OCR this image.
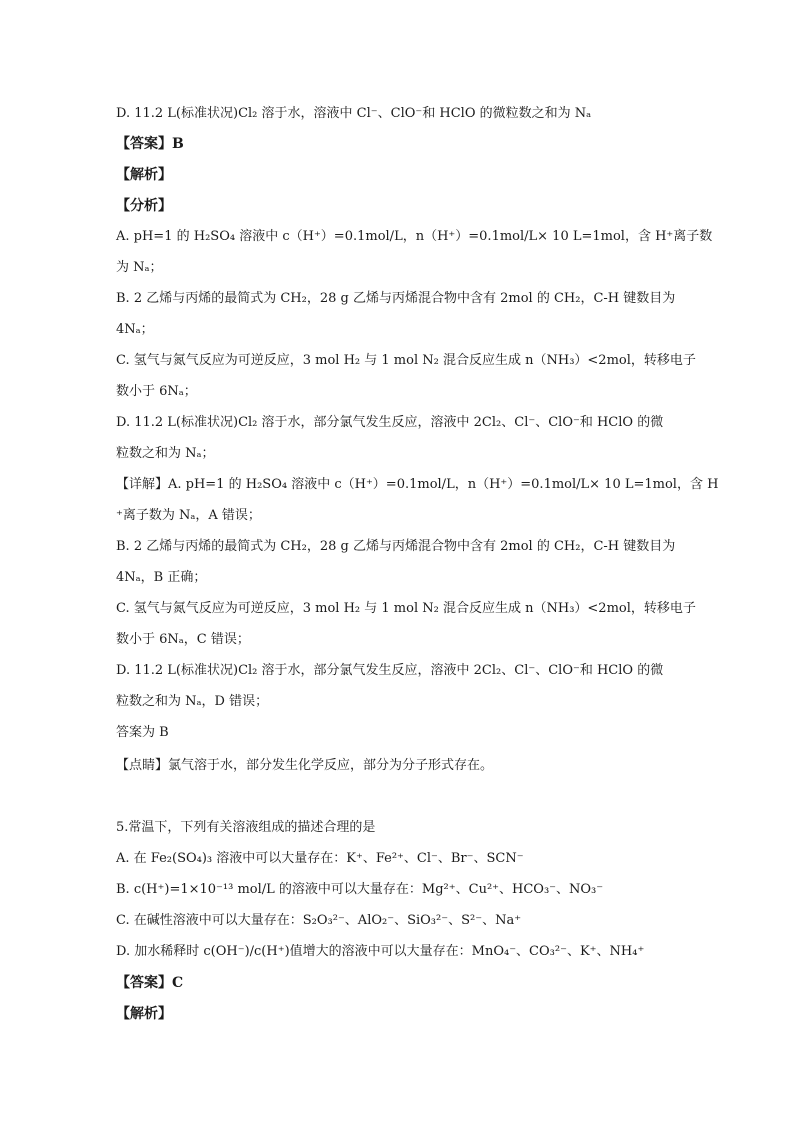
D. 11.2 L(标准状况)Cl₂ 溶于水，溶液中 Cl⁻、ClO⁻和 HClO 的微粒数之和为 Nₐ
【答案】B
【解析】
【分析】
A. pH=1 的 H₂SO₄ 溶液中 c（H⁺）=0.1mol/L，n（H⁺）=0.1mol/L× 10 L=1mol，含 H⁺离子数
为 Nₐ；
B. 2 乙烯与丙烯的最简式为 CH₂，28 g 乙烯与丙烯混合物中含有 2mol 的 CH₂，C-H 键数目为
4Nₐ；
C. 氢气与氮气反应为可逆反应，3 mol H₂ 与 1 mol N₂ 混合反应生成 n（NH₃）<2mol，转移电子
数小于 6Nₐ；
D. 11.2 L(标准状况)Cl₂ 溶于水，部分氯气发生反应，溶液中 2Cl₂、Cl⁻、ClO⁻和 HClO 的微
粒数之和为 Nₐ；
【详解】A. pH=1 的 H₂SO₄ 溶液中 c（H⁺）=0.1mol/L，n（H⁺）=0.1mol/L× 10 L=1mol，含 H
⁺离子数为 Nₐ，A 错误；
B. 2 乙烯与丙烯的最简式为 CH₂，28 g 乙烯与丙烯混合物中含有 2mol 的 CH₂，C-H 键数目为
4Nₐ，B 正确；
C. 氢气与氮气反应为可逆反应，3 mol H₂ 与 1 mol N₂ 混合反应生成 n（NH₃）<2mol，转移电子
数小于 6Nₐ，C 错误；
D. 11.2 L(标准状况)Cl₂ 溶于水，部分氯气发生反应，溶液中 2Cl₂、Cl⁻、ClO⁻和 HClO 的微
粒数之和为 Nₐ，D 错误；
答案为 B
【点睛】氯气溶于水，部分发生化学反应，部分为分子形式存在。
5.常温下，下列有关溶液组成的描述合理的是
A. 在 Fe₂(SO₄)₃ 溶液中可以大量存在：K⁺、Fe²⁺、Cl⁻、Br⁻、SCN⁻
B. c(H⁺)=1×10⁻¹³ mol/L 的溶液中可以大量存在：Mg²⁺、Cu²⁺、HCO₃⁻、NO₃⁻
C. 在碱性溶液中可以大量存在：S₂O₃²⁻、AlO₂⁻、SiO₃²⁻、S²⁻、Na⁺
D. 加水稀释时 c(OH⁻)/c(H⁺)值增大的溶液中可以大量存在：MnO₄⁻、CO₃²⁻、K⁺、NH₄⁺
【答案】C
【解析】
